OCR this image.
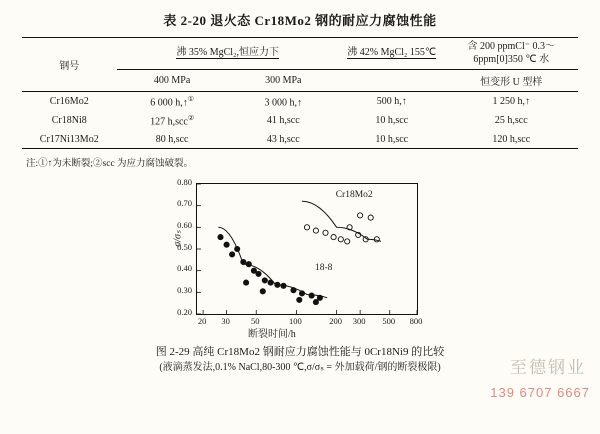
表 2-20 退火态 Cr18Mo2 钢的耐应力腐蚀性能
钢号	沸 35% MgCl₂,恒应力下		沸 42% MgCl₂ 155℃	含 200 ppmCl⁻ 0.3～
6ppm[0]350 ℃ 水
	400 MPa	300 MPa		恒变形 U 型样
Cr16Mo2	6 000 h,↑①	3 000 h,↑	500 h,↑	1 250 h,↑
Cr18Ni8	127 h,scc②	41 h,scc	10 h,scc	25 h,scc
Cr17Ni13Mo2	80 h,scc	43 h,scc	10 h,scc	120 h,scc
注:①↑为未断裂;②scc 为应力腐蚀破裂。
σ/σₛ
0.20
0.30
0.40
0.50
0.60
0.70
0.80
20	30	50	100	200	300	500	800
Cr18Mo2
18-8
断裂时间/h
图 2-29 高纯 Cr18Mo2 钢耐应力腐蚀性能与 0Cr18Ni9 的比较
(液滴蒸发法,0.1% NaCl,80-300 ℃,σ/σₛ = 外加载荷/钢的断裂极限)	至德钢业
139 6707 6667
